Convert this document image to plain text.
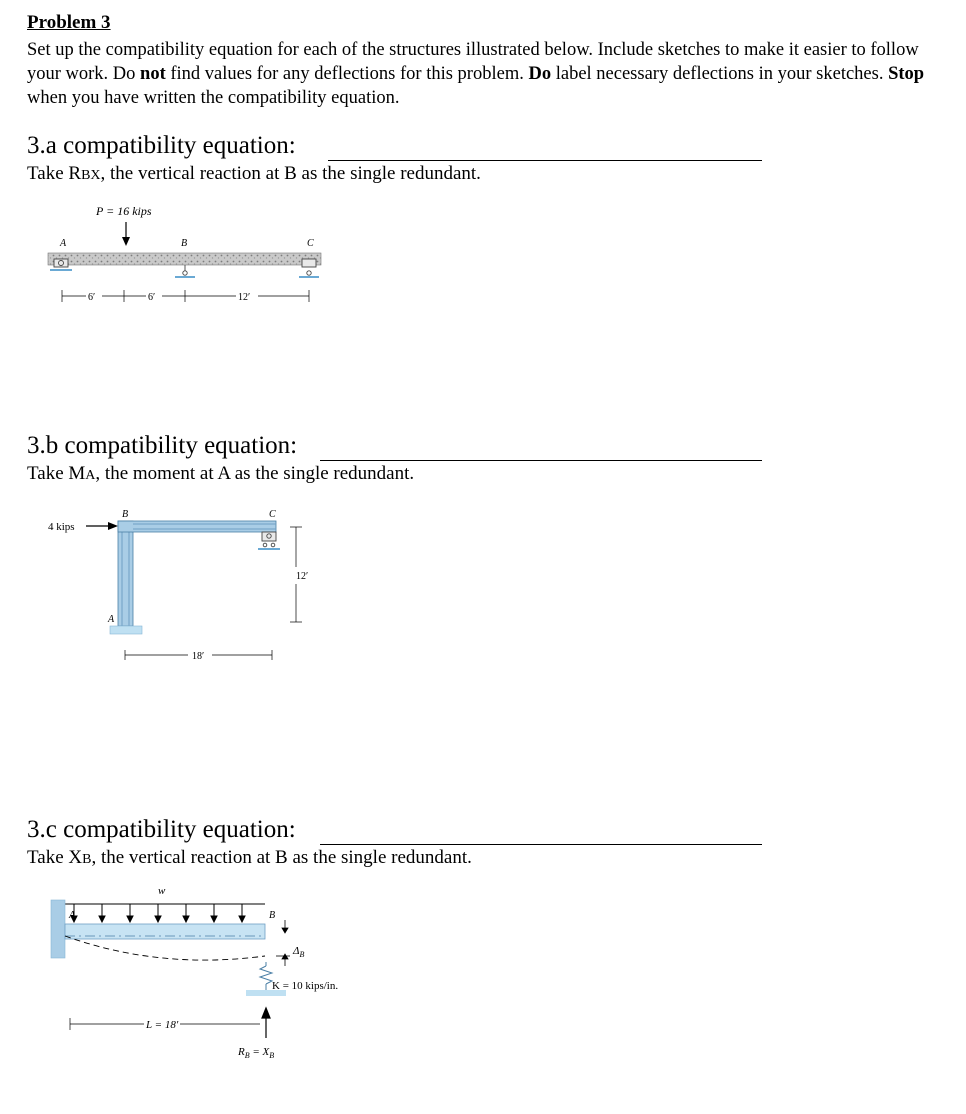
Problem 3
Set up the compatibility equation for each of the structures illustrated below. Include sketches to make it easier to follow your work. Do not find values for any deflections for this problem. Do label necessary deflections in your sketches. Stop when you have written the compatibility equation.
3.a compatibility equation:
Take RBX, the vertical reaction at B as the single redundant.
P = 16 kips
A	B	C
6′	6′	12′
3.b compatibility equation:
Take MA, the moment at A as the single redundant.
4 kips
B	C
A
12′
18′
3.c compatibility equation:
Take XB, the vertical reaction at B as the single redundant.
w
A	B
$\Delta_B$
K = 10 kips/in.
L = 18′
$R_B = X_B$
